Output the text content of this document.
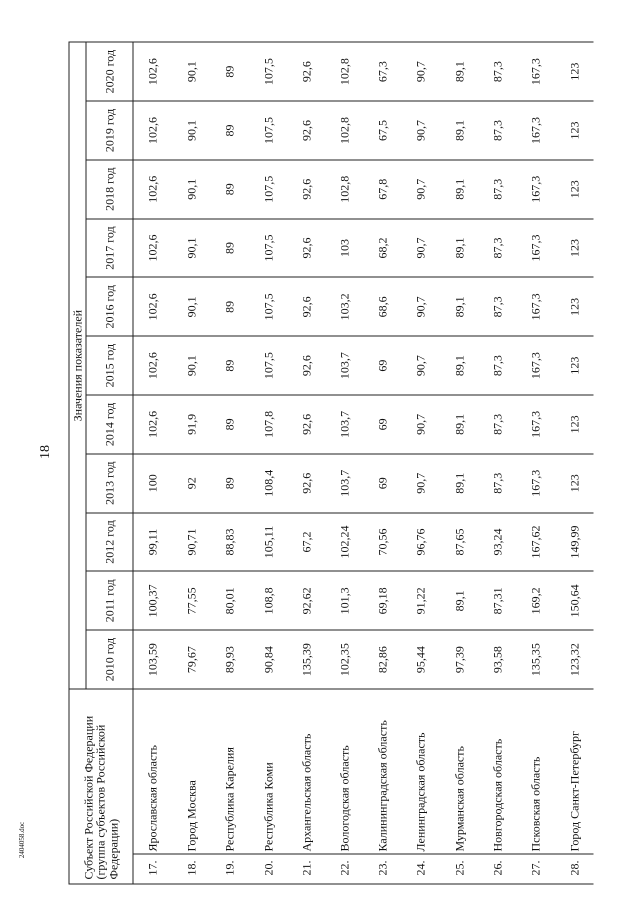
18
Субъект Российской Федерации (группа субъектов Российской Федерации)		Значения показателей										
		2010 год	2011 год	2012 год	2013 год	2014 год	2015 год	2016 год	2017 год	2018 год	2019 год	2020 год
17.	Ярославская область	103,59	100,37	99,11	100	102,6	102,6	102,6	102,6	102,6	102,6	102,6
18.	Город Москва	79,67	77,55	90,71	92	91,9	90,1	90,1	90,1	90,1	90,1	90,1
19.	Республика Карелия	89,93	80,01	88,83	89	89	89	89	89	89	89	89
20.	Республика Коми	90,84	108,8	105,11	108,4	107,8	107,5	107,5	107,5	107,5	107,5	107,5
21.	Архангельская область	135,39	92,62	67,2	92,6	92,6	92,6	92,6	92,6	92,6	92,6	92,6
22.	Вологодская область	102,35	101,3	102,24	103,7	103,7	103,7	103,2	103	102,8	102,8	102,8
23.	Калининградская область	82,86	69,18	70,56	69	69	69	68,6	68,2	67,8	67,5	67,3
24.	Ленинградская область	95,44	91,22	96,76	90,7	90,7	90,7	90,7	90,7	90,7	90,7	90,7
25.	Мурманская область	97,39	89,1	87,65	89,1	89,1	89,1	89,1	89,1	89,1	89,1	89,1
26.	Новгородская область	93,58	87,31	93,24	87,3	87,3	87,3	87,3	87,3	87,3	87,3	87,3
27.	Псковская область	135,35	169,2	167,62	167,3	167,3	167,3	167,3	167,3	167,3	167,3	167,3
28.	Город Санкт-Петербург	123,32	150,64	149,99	123	123	123	123	123	123	123	123
2404058.doc
